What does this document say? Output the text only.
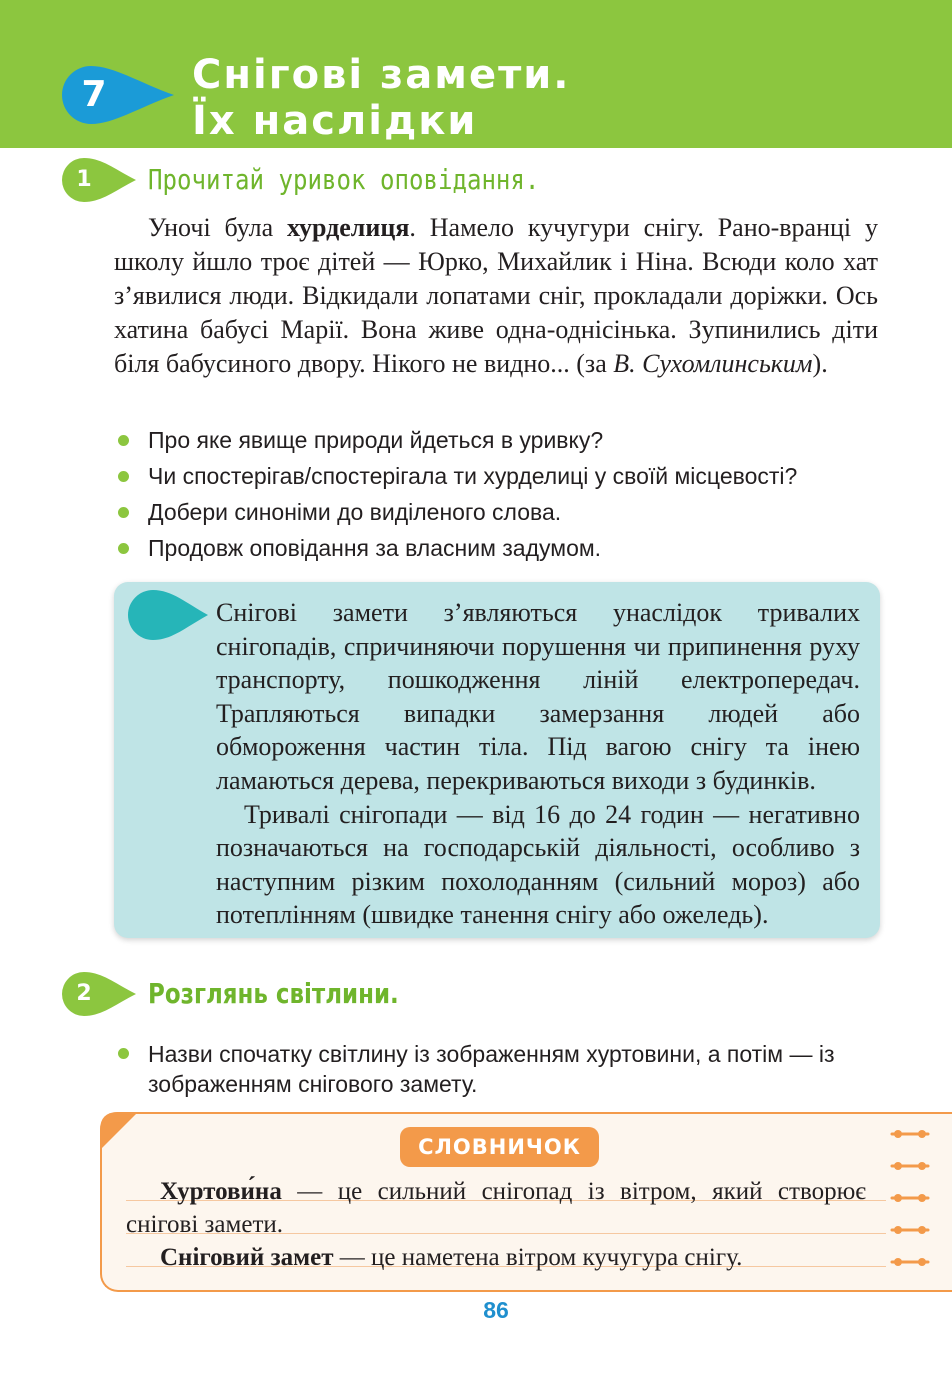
7	Снігові замети.
Їх наслідки
1	Прочитай уривок оповідання.

Уночі була хурделиця. Намело кучугури снігу. Рано-вранці у школу йшло троє дітей — Юрко, Михайлик і Ніна. Всюди коло хат з’явилися люди. Відкидали лопатами сніг, прокладали доріжки. Ось хатина бабусі Марії. Вона живе одна-однісінька. Зупинились діти біля бабусиного двору. Нікого не видно... (за В. Сухомлинським).

Про яке явище природи йдеться в уривку?
Чи спостерігав/спостерігала ти хурделиці у своїй місцевості?
Добери синоніми до виділеного слова.
Продовж оповідання за власним задумом.

Снігові замети з’являються унаслідок тривалих снігопадів, спричиняючи порушення чи припинення руху транспорту, пошкодження ліній електропередач. Трапляються випадки замерзання людей або обмороження частин тіла. Під вагою снігу та інею ламаються дерева, перекриваються виходи з будинків.

Тривалі снігопади — від 16 до 24 годин — негативно позначаються на господарській діяльності, особливо з наступним різким похолоданням (сильний мороз) або потеплінням (швидке танення снігу або ожеледь).

2	Розглянь світлини.
Назви спочатку світлину із зображенням хуртовини, а потім — із зображенням снігового замету.
СЛОВНИЧОК

Хуртови́на — це сильний снігопад із вітром, який створює снігові замети.

Сніговий замет — це наметена вітром кучугура снігу.

86
